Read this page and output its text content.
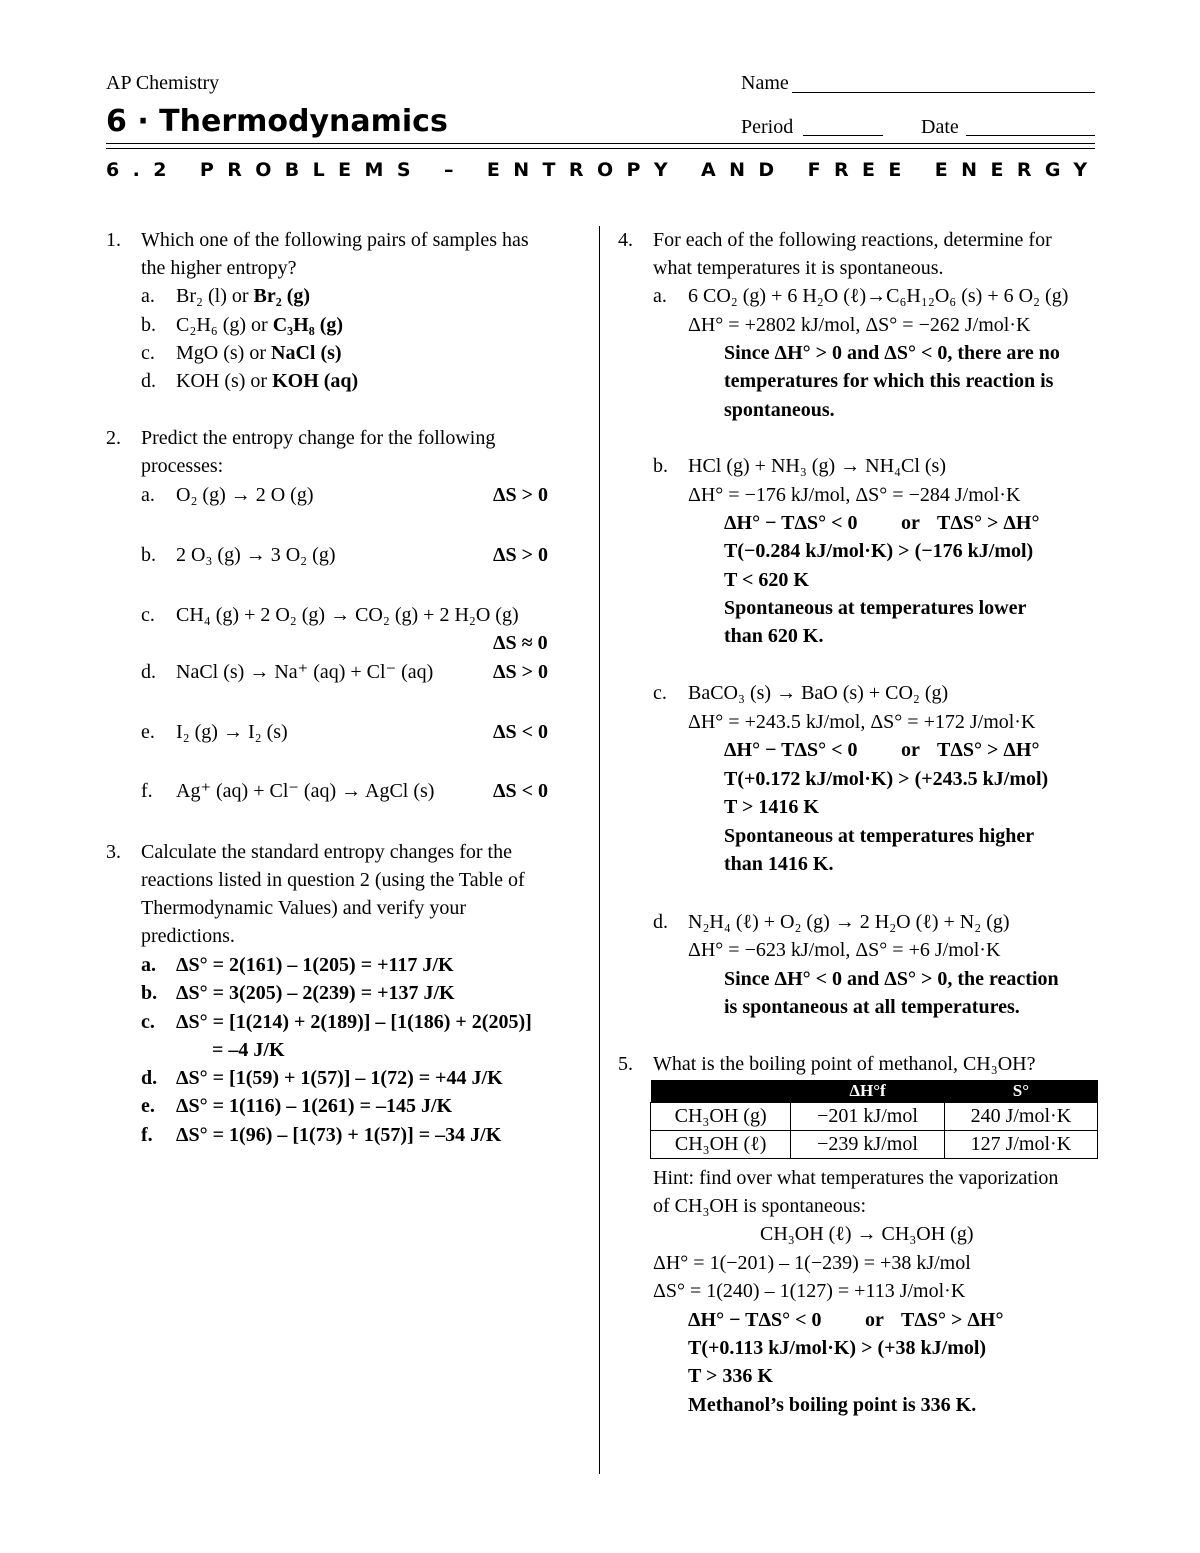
AP Chemistry	Name
6 · Thermodynamics	Period	Date
6.2 PROBLEMS – ENTROPY AND FREE ENERGY
1. Which one of the following pairs of samples has
the higher entropy?
a. Br₂ (l) or Br₂ (g)
b. C₂H₆ (g) or C₃H₈ (g)
c. MgO (s) or NaCl (s)
d. KOH (s) or KOH (aq)
2. Predict the entropy change for the following
processes:
a. O₂ (g) → 2 O (g)	ΔS > 0
b. 2 O₃ (g) → 3 O₂ (g)	ΔS > 0
c. CH₄ (g) + 2 O₂ (g) → CO₂ (g) + 2 H₂O (g)
ΔS ≈ 0
d. NaCl (s) → Na⁺ (aq) + Cl⁻ (aq)	ΔS > 0
e. I₂ (g) → I₂ (s)	ΔS < 0
f. Ag⁺ (aq) + Cl⁻ (aq) → AgCl (s)	ΔS < 0
3. Calculate the standard entropy changes for the
reactions listed in question 2 (using the Table of
Thermodynamic Values) and verify your
predictions.
a. ΔS° = 2(161) – 1(205) = +117 J/K
b. ΔS° = 3(205) – 2(239) = +137 J/K
c. ΔS° = [1(214) + 2(189)] – [1(186) + 2(205)]
= –4 J/K
d. ΔS° = [1(59) + 1(57)] – 1(72) = +44 J/K
e. ΔS° = 1(116) – 1(261) = –145 J/K
f. ΔS° = 1(96) – [1(73) + 1(57)] = –34 J/K
4. For each of the following reactions, determine for
what temperatures it is spontaneous.
a. 6 CO₂ (g) + 6 H₂O (ℓ)→C₆H₁₂O₆ (s) + 6 O₂ (g)
ΔH° = +2802 kJ/mol, ΔS° = −262 J/mol·K
Since ΔH° > 0 and ΔS° < 0, there are no
temperatures for which this reaction is
spontaneous.
b. HCl (g) + NH₃ (g) → NH₄Cl (s)
ΔH° = −176 kJ/mol, ΔS° = −284 J/mol·K
ΔH° − TΔS° < 0 or TΔS° > ΔH°
T(−0.284 kJ/mol·K) > (−176 kJ/mol)
T < 620 K
Spontaneous at temperatures lower
than 620 K.
c. BaCO₃ (s) → BaO (s) + CO₂ (g)
ΔH° = +243.5 kJ/mol, ΔS° = +172 J/mol·K
ΔH° − TΔS° < 0 or TΔS° > ΔH°
T(+0.172 kJ/mol·K) > (+243.5 kJ/mol)
T > 1416 K
Spontaneous at temperatures higher
than 1416 K.
d. N₂H₄ (ℓ) + O₂ (g) → 2 H₂O (ℓ) + N₂ (g)
ΔH° = −623 kJ/mol, ΔS° = +6 J/mol·K
Since ΔH° < 0 and ΔS° > 0, the reaction
is spontaneous at all temperatures.
5. What is the boiling point of methanol, CH₃OH?
	ΔH°f	S°
CH₃OH (g)	−201 kJ/mol	240 J/mol·K
CH₃OH (ℓ)	−239 kJ/mol	127 J/mol·K
Hint: find over what temperatures the vaporization
of CH₃OH is spontaneous:
CH₃OH (ℓ) → CH₃OH (g)
ΔH° = 1(−201) – 1(−239) = +38 kJ/mol
ΔS° = 1(240) – 1(127) = +113 J/mol·K
ΔH° − TΔS° < 0 or TΔS° > ΔH°
T(+0.113 kJ/mol·K) > (+38 kJ/mol)
T > 336 K
Methanol’s boiling point is 336 K.
